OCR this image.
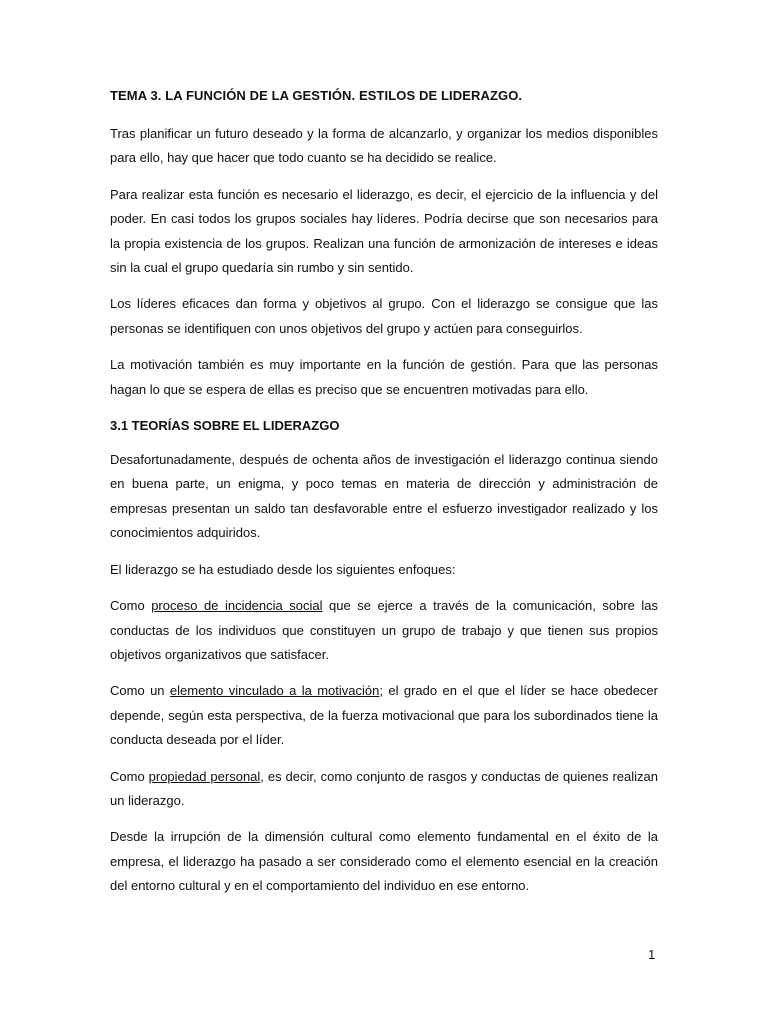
TEMA 3. LA FUNCIÓN DE LA GESTIÓN. ESTILOS DE LIDERAZGO.

Tras planificar un futuro deseado y la forma de alcanzarlo, y organizar los medios disponibles para ello, hay que hacer que todo cuanto se ha decidido se realice.

Para realizar esta función es necesario el liderazgo, es decir, el ejercicio de la influencia y del poder. En casi todos los grupos sociales hay líderes. Podría decirse que son necesarios para la propia existencia de los grupos. Realizan una función de armonización de intereses e ideas sin la cual el grupo quedaría sin rumbo y sin sentido.

Los líderes eficaces dan forma y objetivos al grupo. Con el liderazgo se consigue que las personas se identifiquen con unos objetivos del grupo y actúen para conseguirlos.

La motivación también es muy importante en la función de gestión. Para que las personas hagan lo que se espera de ellas es preciso que se encuentren motivadas para ello.

3.1 TEORÍAS SOBRE EL LIDERAZGO

Desafortunadamente, después de ochenta años de investigación el liderazgo continua siendo en buena parte, un enigma, y poco temas en materia de dirección y administración de empresas presentan un saldo tan desfavorable entre el esfuerzo investigador realizado y los conocimientos adquiridos.

El liderazgo se ha estudiado desde los siguientes enfoques:

Como proceso de incidencia social que se ejerce a través de la comunicación, sobre las conductas de los individuos que constituyen un grupo de trabajo y que tienen sus propios objetivos organizativos que satisfacer.

Como un elemento vinculado a la motivación; el grado en el que el líder se hace obedecer depende, según esta perspectiva, de la fuerza motivacional que para los subordinados tiene la conducta deseada por el líder.

Como propiedad personal, es decir, como conjunto de rasgos y conductas de quienes realizan un liderazgo.

Desde la irrupción de la dimensión cultural como elemento fundamental en el éxito de la empresa, el liderazgo ha pasado a ser considerado como el elemento esencial en la creación del entorno cultural y en el comportamiento del individuo en ese entorno.

1
